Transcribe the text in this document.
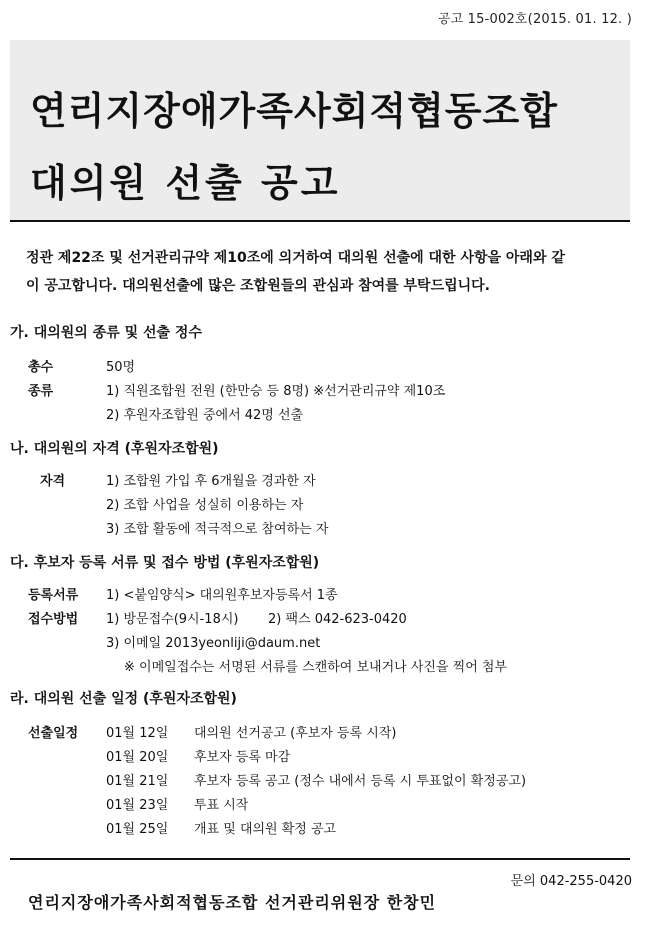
공고 15-002호(2015. 01. 12. )
연리지장애가족사회적협동조합
대의원 선출 공고
정관 제22조 및 선거관리규약 제10조에 의거하여 대의원 선출에 대한 사항을 아래와 같
이 공고합니다. 대의원선출에 많은 조합원들의 관심과 참여를 부탁드립니다.
가. 대의원의 종류 및 선출 정수
총수	50명
종류	1) 직원조합원 전원 (한만승 등 8명) ※선거관리규약 제10조
2) 후원자조합원 중에서 42명 선출
나. 대의원의 자격 (후원자조합원)
자격	1) 조합원 가입 후 6개월을 경과한 자
2) 조합 사업을 성실히 이용하는 자
3) 조합 활동에 적극적으로 참여하는 자
다. 후보자 등록 서류 및 접수 방법 (후원자조합원)
등록서류 1) <붙임양식> 대의원후보자등록서 1종
접수방법 1) 방문접수(9시-18시) 2) 팩스 042-623-0420
3) 이메일 2013yeonliji@daum.net
※ 이메일접수는 서명된 서류를 스캔하여 보내거나 사진을 찍어 첨부
라. 대의원 선출 일정 (후원자조합원)
선출일정 01월 12일 대의원 선거공고 (후보자 등록 시작)
01월 20일 후보자 등록 마감
01월 21일 후보자 등록 공고 (정수 내에서 등록 시 투표없이 확정공고)
01월 23일 투표 시작
01월 25일 개표 및 대의원 확정 공고
문의 042-255-0420
연리지장애가족사회적협동조합 선거관리위원장 한창민
